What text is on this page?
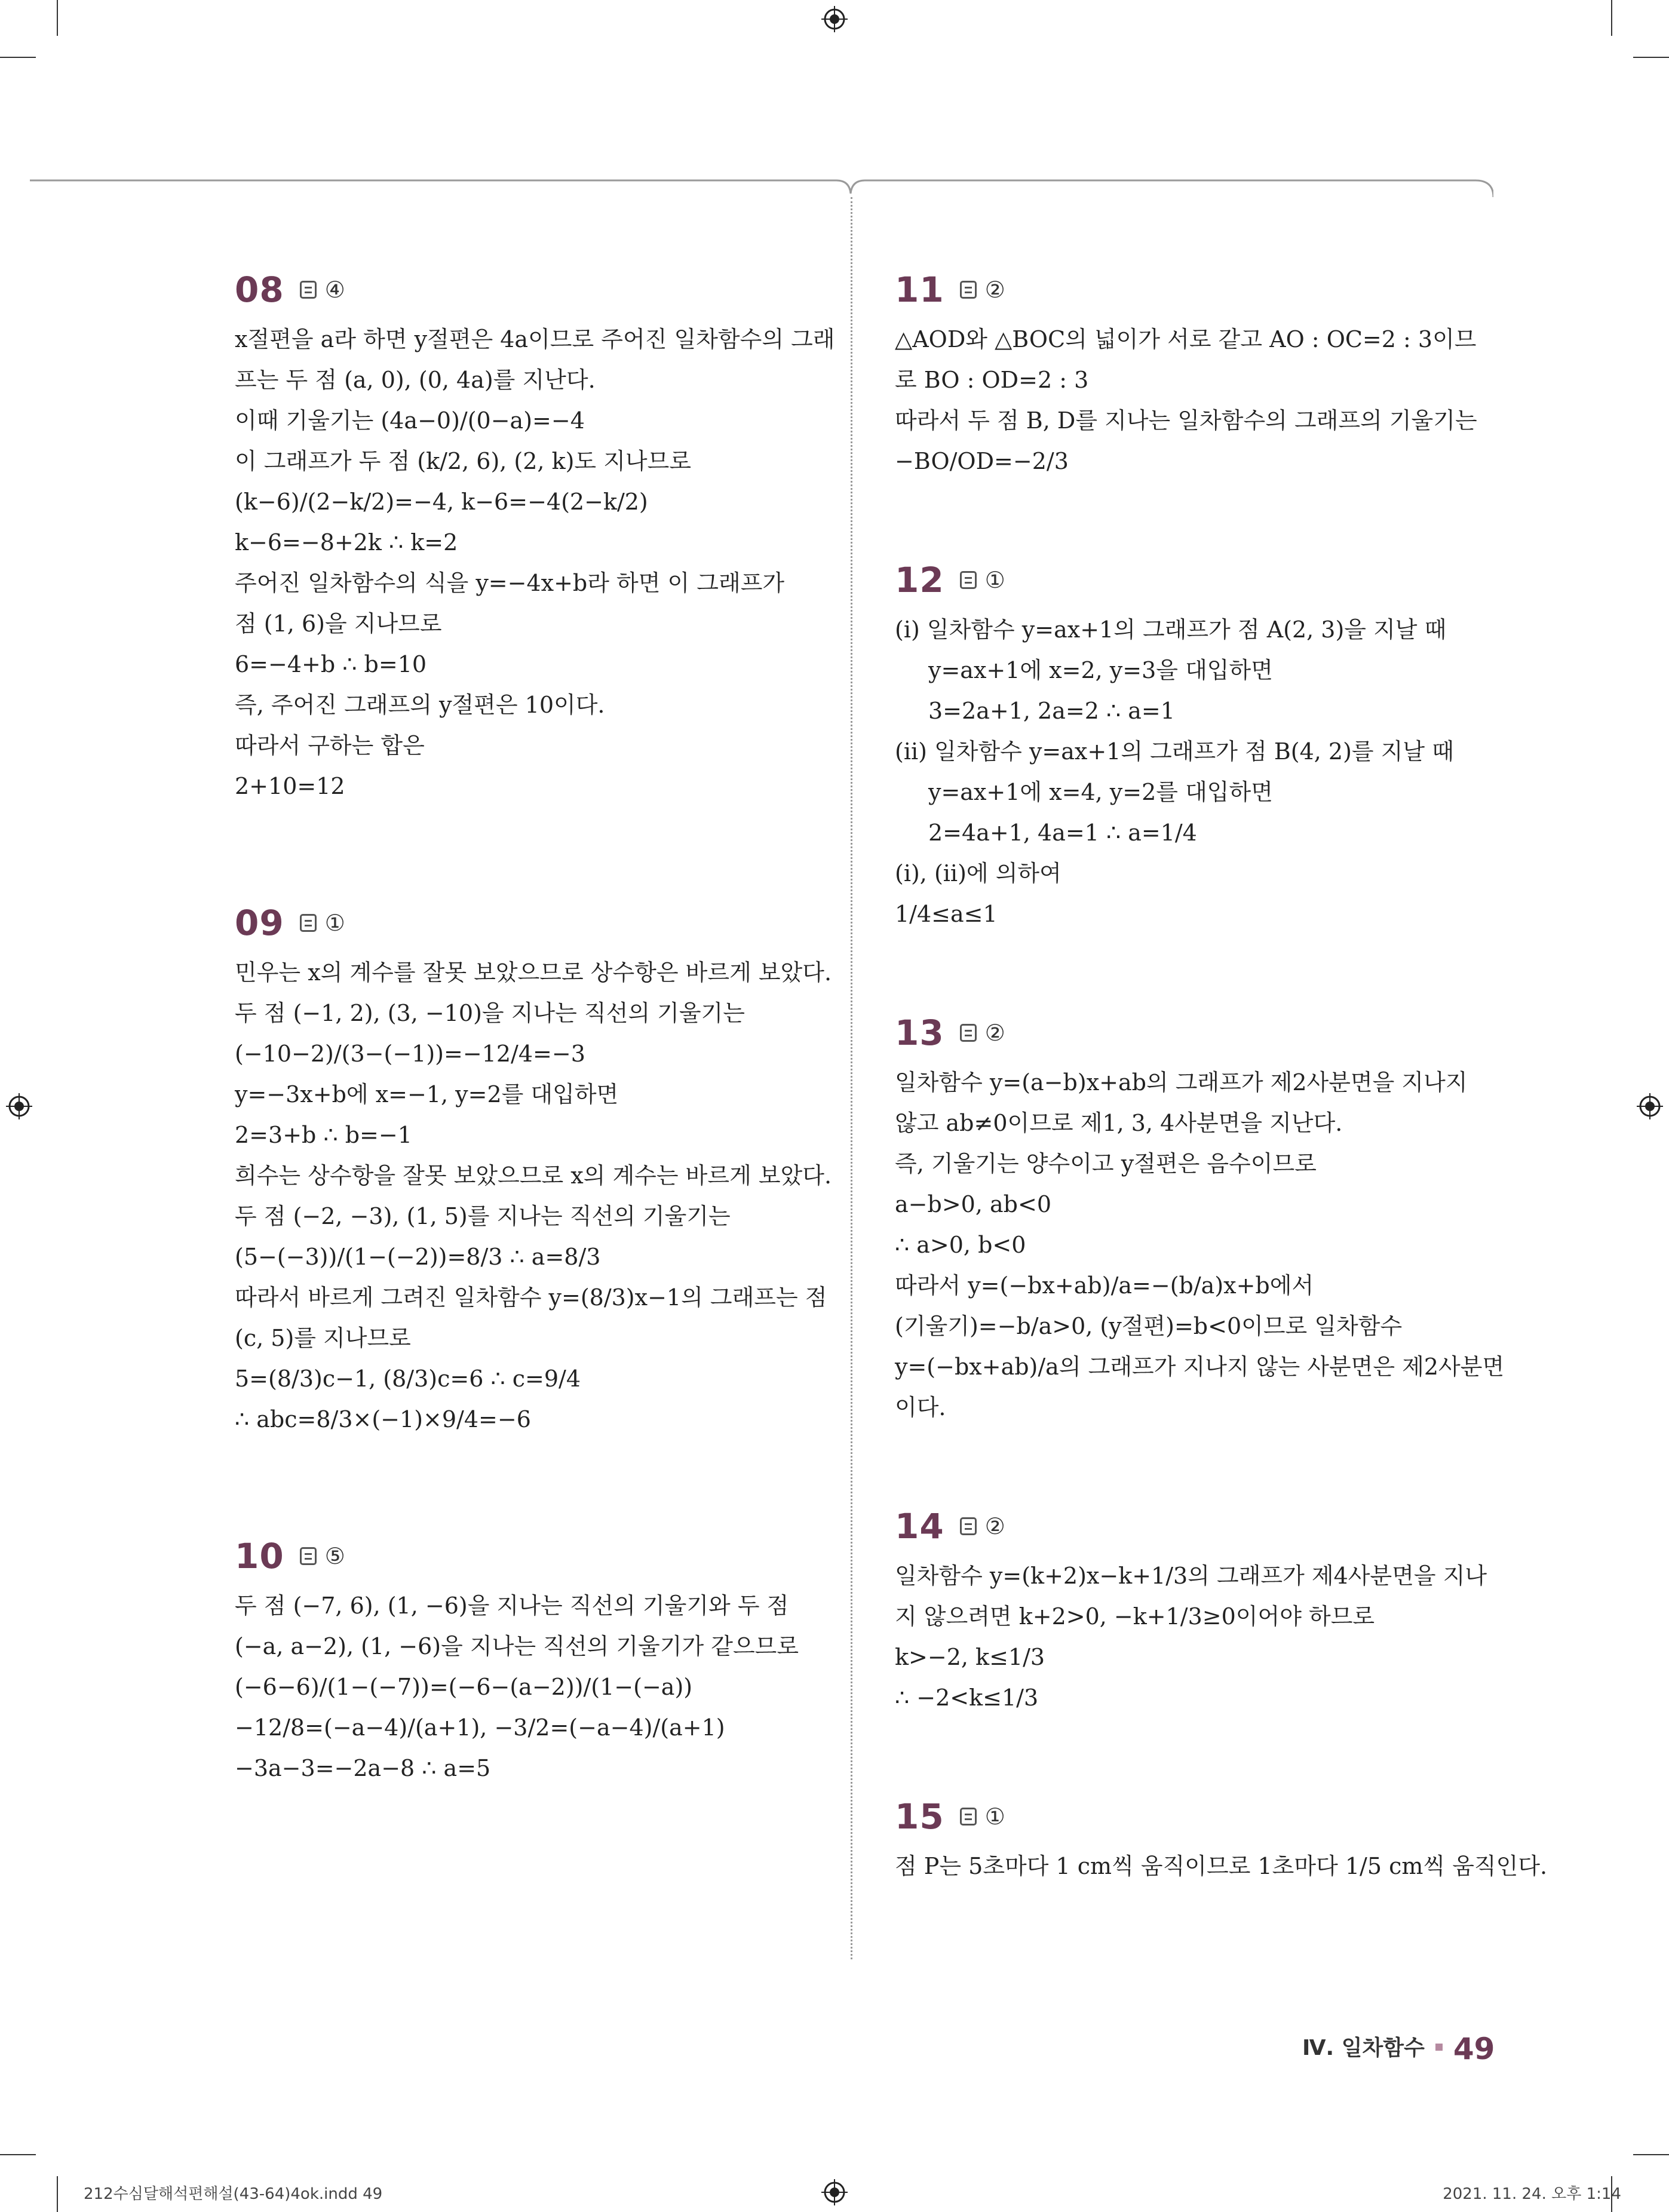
08 ④
x절편을 a라 하면 y절편은 4a이므로 주어진 일차함수의 그래
프는 두 점 (a, 0), (0, 4a)를 지난다.
이때 기울기는 (4a−0)/(0−a)=−4
이 그래프가 두 점 (k/2, 6), (2, k)도 지나므로
(k−6)/(2−k/2)=−4, k−6=−4(2−k/2)
k−6=−8+2k ∴ k=2
주어진 일차함수의 식을 y=−4x+b라 하면 이 그래프가
점 (1, 6)을 지나므로
6=−4+b ∴ b=10
즉, 주어진 그래프의 y절편은 10이다.
따라서 구하는 합은
2+10=12
09 ①
민우는 x의 계수를 잘못 보았으므로 상수항은 바르게 보았다.
두 점 (−1, 2), (3, −10)을 지나는 직선의 기울기는
(−10−2)/(3−(−1))=−12/4=−3
y=−3x+b에 x=−1, y=2를 대입하면
2=3+b ∴ b=−1
희수는 상수항을 잘못 보았으므로 x의 계수는 바르게 보았다.
두 점 (−2, −3), (1, 5)를 지나는 직선의 기울기는
(5−(−3))/(1−(−2))=8/3 ∴ a=8/3
따라서 바르게 그려진 일차함수 y=(8/3)x−1의 그래프는 점
(c, 5)를 지나므로
5=(8/3)c−1, (8/3)c=6 ∴ c=9/4
∴ abc=8/3×(−1)×9/4=−6
10 ⑤
두 점 (−7, 6), (1, −6)을 지나는 직선의 기울기와 두 점
(−a, a−2), (1, −6)을 지나는 직선의 기울기가 같으므로
(−6−6)/(1−(−7))=(−6−(a−2))/(1−(−a))
−12/8=(−a−4)/(a+1), −3/2=(−a−4)/(a+1)
−3a−3=−2a−8 ∴ a=5
11 ②
△AOD와 △BOC의 넓이가 서로 같고 AO : OC=2 : 3이므
로 BO : OD=2 : 3
따라서 두 점 B, D를 지나는 일차함수의 그래프의 기울기는
−BO/OD=−2/3
12 ①
(ⅰ) 일차함수 y=ax+1의 그래프가 점 A(2, 3)을 지날 때
y=ax+1에 x=2, y=3을 대입하면
3=2a+1, 2a=2 ∴ a=1
(ⅱ) 일차함수 y=ax+1의 그래프가 점 B(4, 2)를 지날 때
y=ax+1에 x=4, y=2를 대입하면
2=4a+1, 4a=1 ∴ a=1/4
(ⅰ), (ⅱ)에 의하여
1/4≤a≤1
13 ②
일차함수 y=(a−b)x+ab의 그래프가 제2사분면을 지나지
않고 ab≠0이므로 제1, 3, 4사분면을 지난다.
즉, 기울기는 양수이고 y절편은 음수이므로
a−b>0, ab<0
∴ a>0, b<0
따라서 y=(−bx+ab)/a=−(b/a)x+b에서
(기울기)=−b/a>0, (y절편)=b<0이므로 일차함수
y=(−bx+ab)/a의 그래프가 지나지 않는 사분면은 제2사분면
이다.
14 ②
일차함수 y=(k+2)x−k+1/3의 그래프가 제4사분면을 지나
지 않으려면 k+2>0, −k+1/3≥0이어야 하므로
k>−2, k≤1/3
∴ −2<k≤1/3
15 ①
점 P는 5초마다 1 cm씩 움직이므로 1초마다 1/5 cm씩 움직인다.
Ⅳ. 일차함수 49
212수심달해석편해설(43-64)4ok.indd 49	2021. 11. 24. 오후 1:14
